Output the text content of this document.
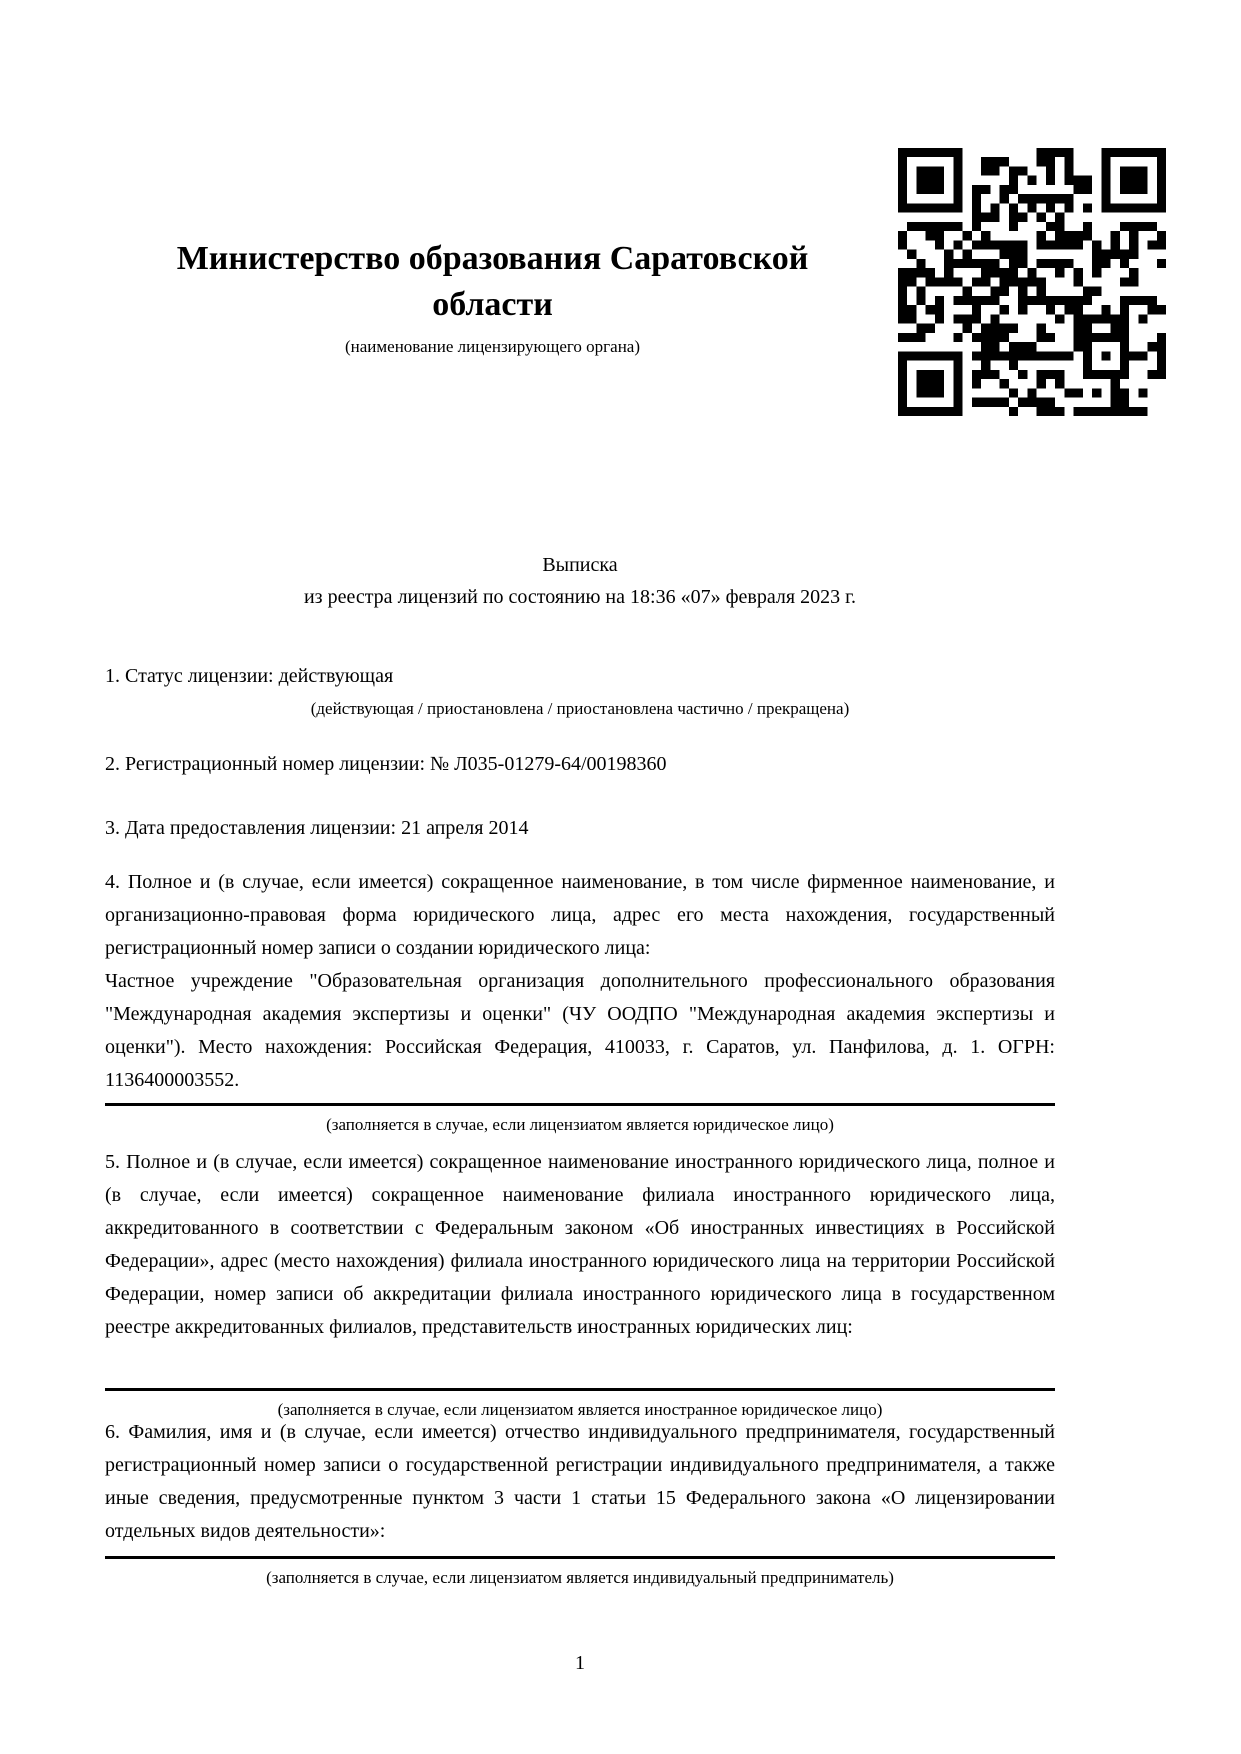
Министерство образования Саратовской
области
(наименование лицензирующего органа)
Выписка
из реестра лицензий по состоянию на 18:36 «07» февраля 2023 г.
1. Статус лицензии: действующая
(действующая / приостановлена / приостановлена частично / прекращена)
2. Регистрационный номер лицензии: № Л035-01279-64/00198360
3. Дата предоставления лицензии: 21 апреля 2014
4. Полное и (в случае, если имеется) сокращенное наименование, в том числе фирменное наименование, и организационно-правовая форма юридического лица, адрес его места нахождения, государственный регистрационный номер записи о создании юридического лица:
Частное учреждение "Образовательная организация дополнительного профессионального образования "Международная академия экспертизы и оценки" (ЧУ ООДПО "Международная академия экспертизы и оценки"). Место нахождения: Российская Федерация, 410033, г. Саратов, ул. Панфилова, д. 1. ОГРН: 1136400003552.
(заполняется в случае, если лицензиатом является юридическое лицо)
5. Полное и (в случае, если имеется) сокращенное наименование иностранного юридического лица, полное и (в случае, если имеется) сокращенное наименование филиала иностранного юридического лица, аккредитованного в соответствии с Федеральным законом «Об иностранных инвестициях в Российской Федерации», адрес (место нахождения) филиала иностранного юридического лица на территории Российской Федерации, номер записи об аккредитации филиала иностранного юридического лица в государственном реестре аккредитованных филиалов, представительств иностранных юридических лиц:
(заполняется в случае, если лицензиатом является иностранное юридическое лицо)
6. Фамилия, имя и (в случае, если имеется) отчество индивидуального предпринимателя, государственный регистрационный номер записи о государственной регистрации индивидуального предпринимателя, а также иные сведения, предусмотренные пунктом 3 части 1 статьи 15 Федерального закона «О лицензировании отдельных видов деятельности»:
(заполняется в случае, если лицензиатом является индивидуальный предприниматель)
1
